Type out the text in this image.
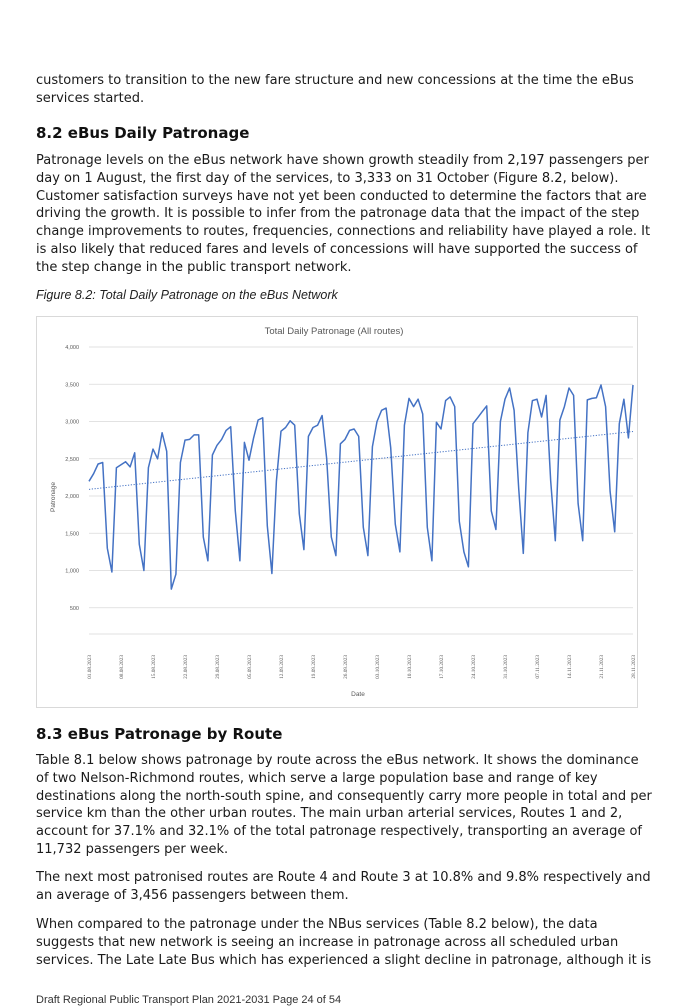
customers to transition to the new fare structure and new concessions at the time the eBus services started.

8.2 eBus Daily Patronage

Patronage levels on the eBus network have shown growth steadily from 2,197 passengers per day on 1 August, the first day of the services, to 3,333 on 31 October (Figure 8.2, below). Customer satisfaction surveys have not yet been conducted to determine the factors that are driving the growth. It is possible to infer from the patronage data that the impact of the step change improvements to routes, frequencies, connections and reliability have played a role. It is also likely that reduced fares and levels of concessions will have supported the success of the step change in the public transport network.

Figure 8.2: Total Daily Patronage on the eBus Network
Total Daily Patronage (All routes)
Patronage
Date
500
1,000
1,500
2,000
2,500
3,000
3,500
4,000
01.08.2023	08.08.2023	15.08.2023	22.08.2023	29.08.2023	05.09.2023	12.09.2023	19.09.2023	26.09.2023	03.10.2023	10.10.2023	17.10.2023	24.10.2023	31.10.2023	07.11.2023	14.11.2023	21.11.2023	28.11.2023
8.3 eBus Patronage by Route

Table 8.1 below shows patronage by route across the eBus network. It shows the dominance of two Nelson-Richmond routes, which serve a large population base and range of key destinations along the north-south spine, and consequently carry more people in total and per service km than the other urban routes. The main urban arterial services, Routes 1 and 2, account for 37.1% and 32.1% of the total patronage respectively, transporting an average of 11,732 passengers per week.

The next most patronised routes are Route 4 and Route 3 at 10.8% and 9.8% respectively and an average of 3,456 passengers between them.

When compared to the patronage under the NBus services (Table 8.2 below), the data suggests that new network is seeing an increase in patronage across all scheduled urban services. The Late Late Bus which has experienced a slight decline in patronage, although it is

Draft Regional Public Transport Plan 2021-2031 Page 24 of 54
